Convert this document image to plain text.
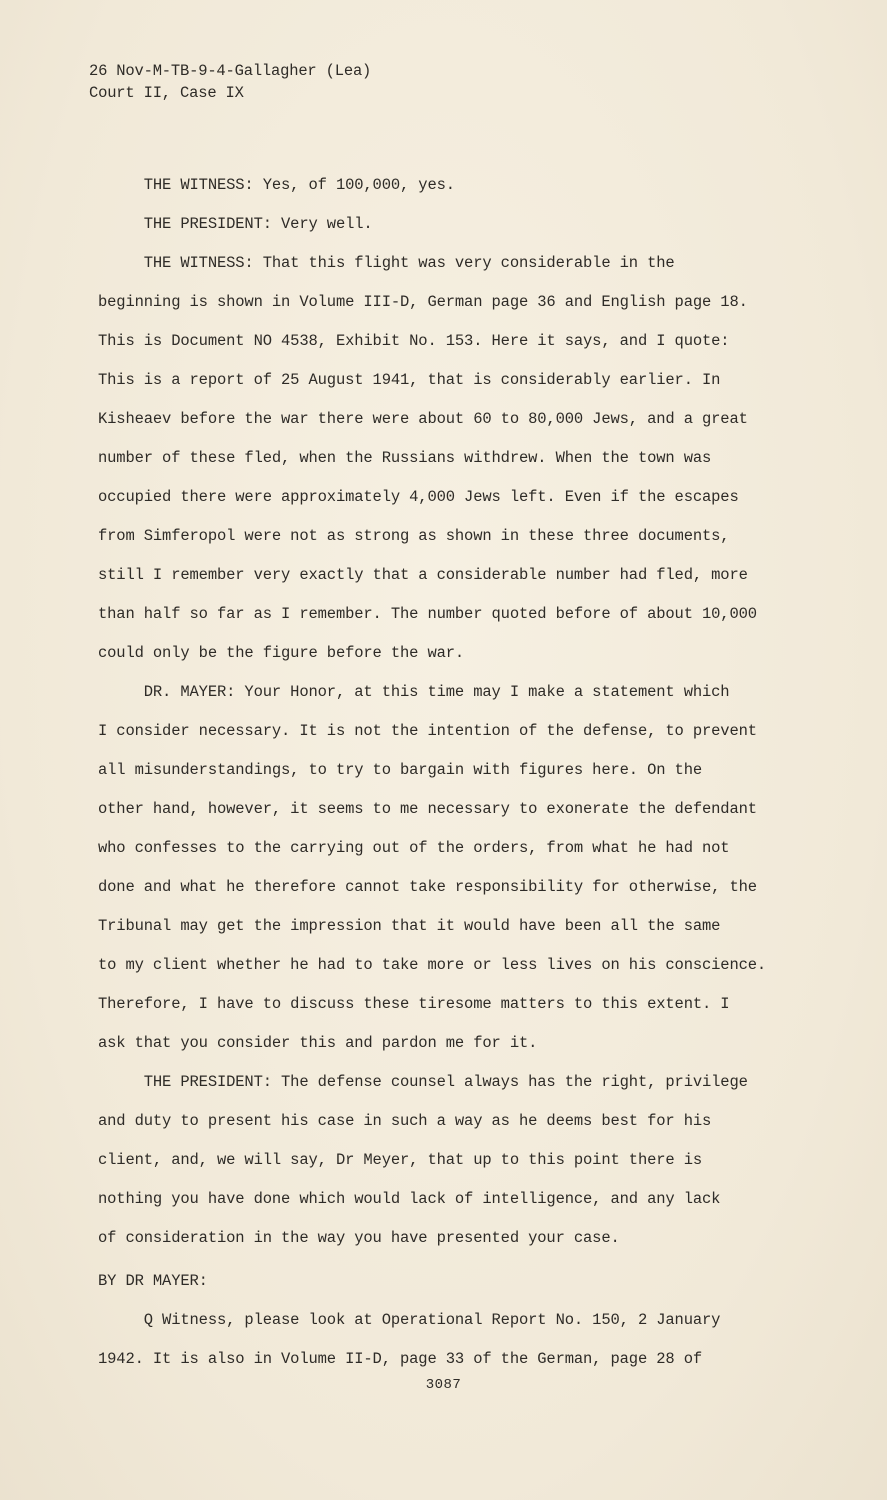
26 Nov-M-TB-9-4-Gallagher (Lea)
Court II, Case IX
THE WITNESS: Yes, of 100,000, yes.
THE PRESIDENT: Very well.
THE WITNESS: That this flight was very considerable in the
beginning is shown in Volume III-D, German page 36 and English page 18.
This is Document NO 4538, Exhibit No. 153. Here it says, and I quote:
This is a report of 25 August 1941, that is considerably earlier. In
Kisheaev before the war there were about 60 to 80,000 Jews, and a great
number of these fled, when the Russians withdrew. When the town was
occupied there were approximately 4,000 Jews left. Even if the escapes
from Simferopol were not as strong as shown in these three documents,
still I remember very exactly that a considerable number had fled, more
than half so far as I remember. The number quoted before of about 10,000
could only be the figure before the war.
DR. MAYER: Your Honor, at this time may I make a statement which
I consider necessary. It is not the intention of the defense, to prevent
all misunderstandings, to try to bargain with figures here. On the
other hand, however, it seems to me necessary to exonerate the defendant
who confesses to the carrying out of the orders, from what he had not
done and what he therefore cannot take responsibility for otherwise, the
Tribunal may get the impression that it would have been all the same
to my client whether he had to take more or less lives on his conscience.
Therefore, I have to discuss these tiresome matters to this extent. I
ask that you consider this and pardon me for it.
THE PRESIDENT: The defense counsel always has the right, privilege
and duty to present his case in such a way as he deems best for his
client, and, we will say, Dr Meyer, that up to this point there is
nothing you have done which would lack of intelligence, and any lack
of consideration in the way you have presented your case.
BY DR MAYER:
Q Witness, please look at Operational Report No. 150, 2 January
1942. It is also in Volume II-D, page 33 of the German, page 28 of
3087
